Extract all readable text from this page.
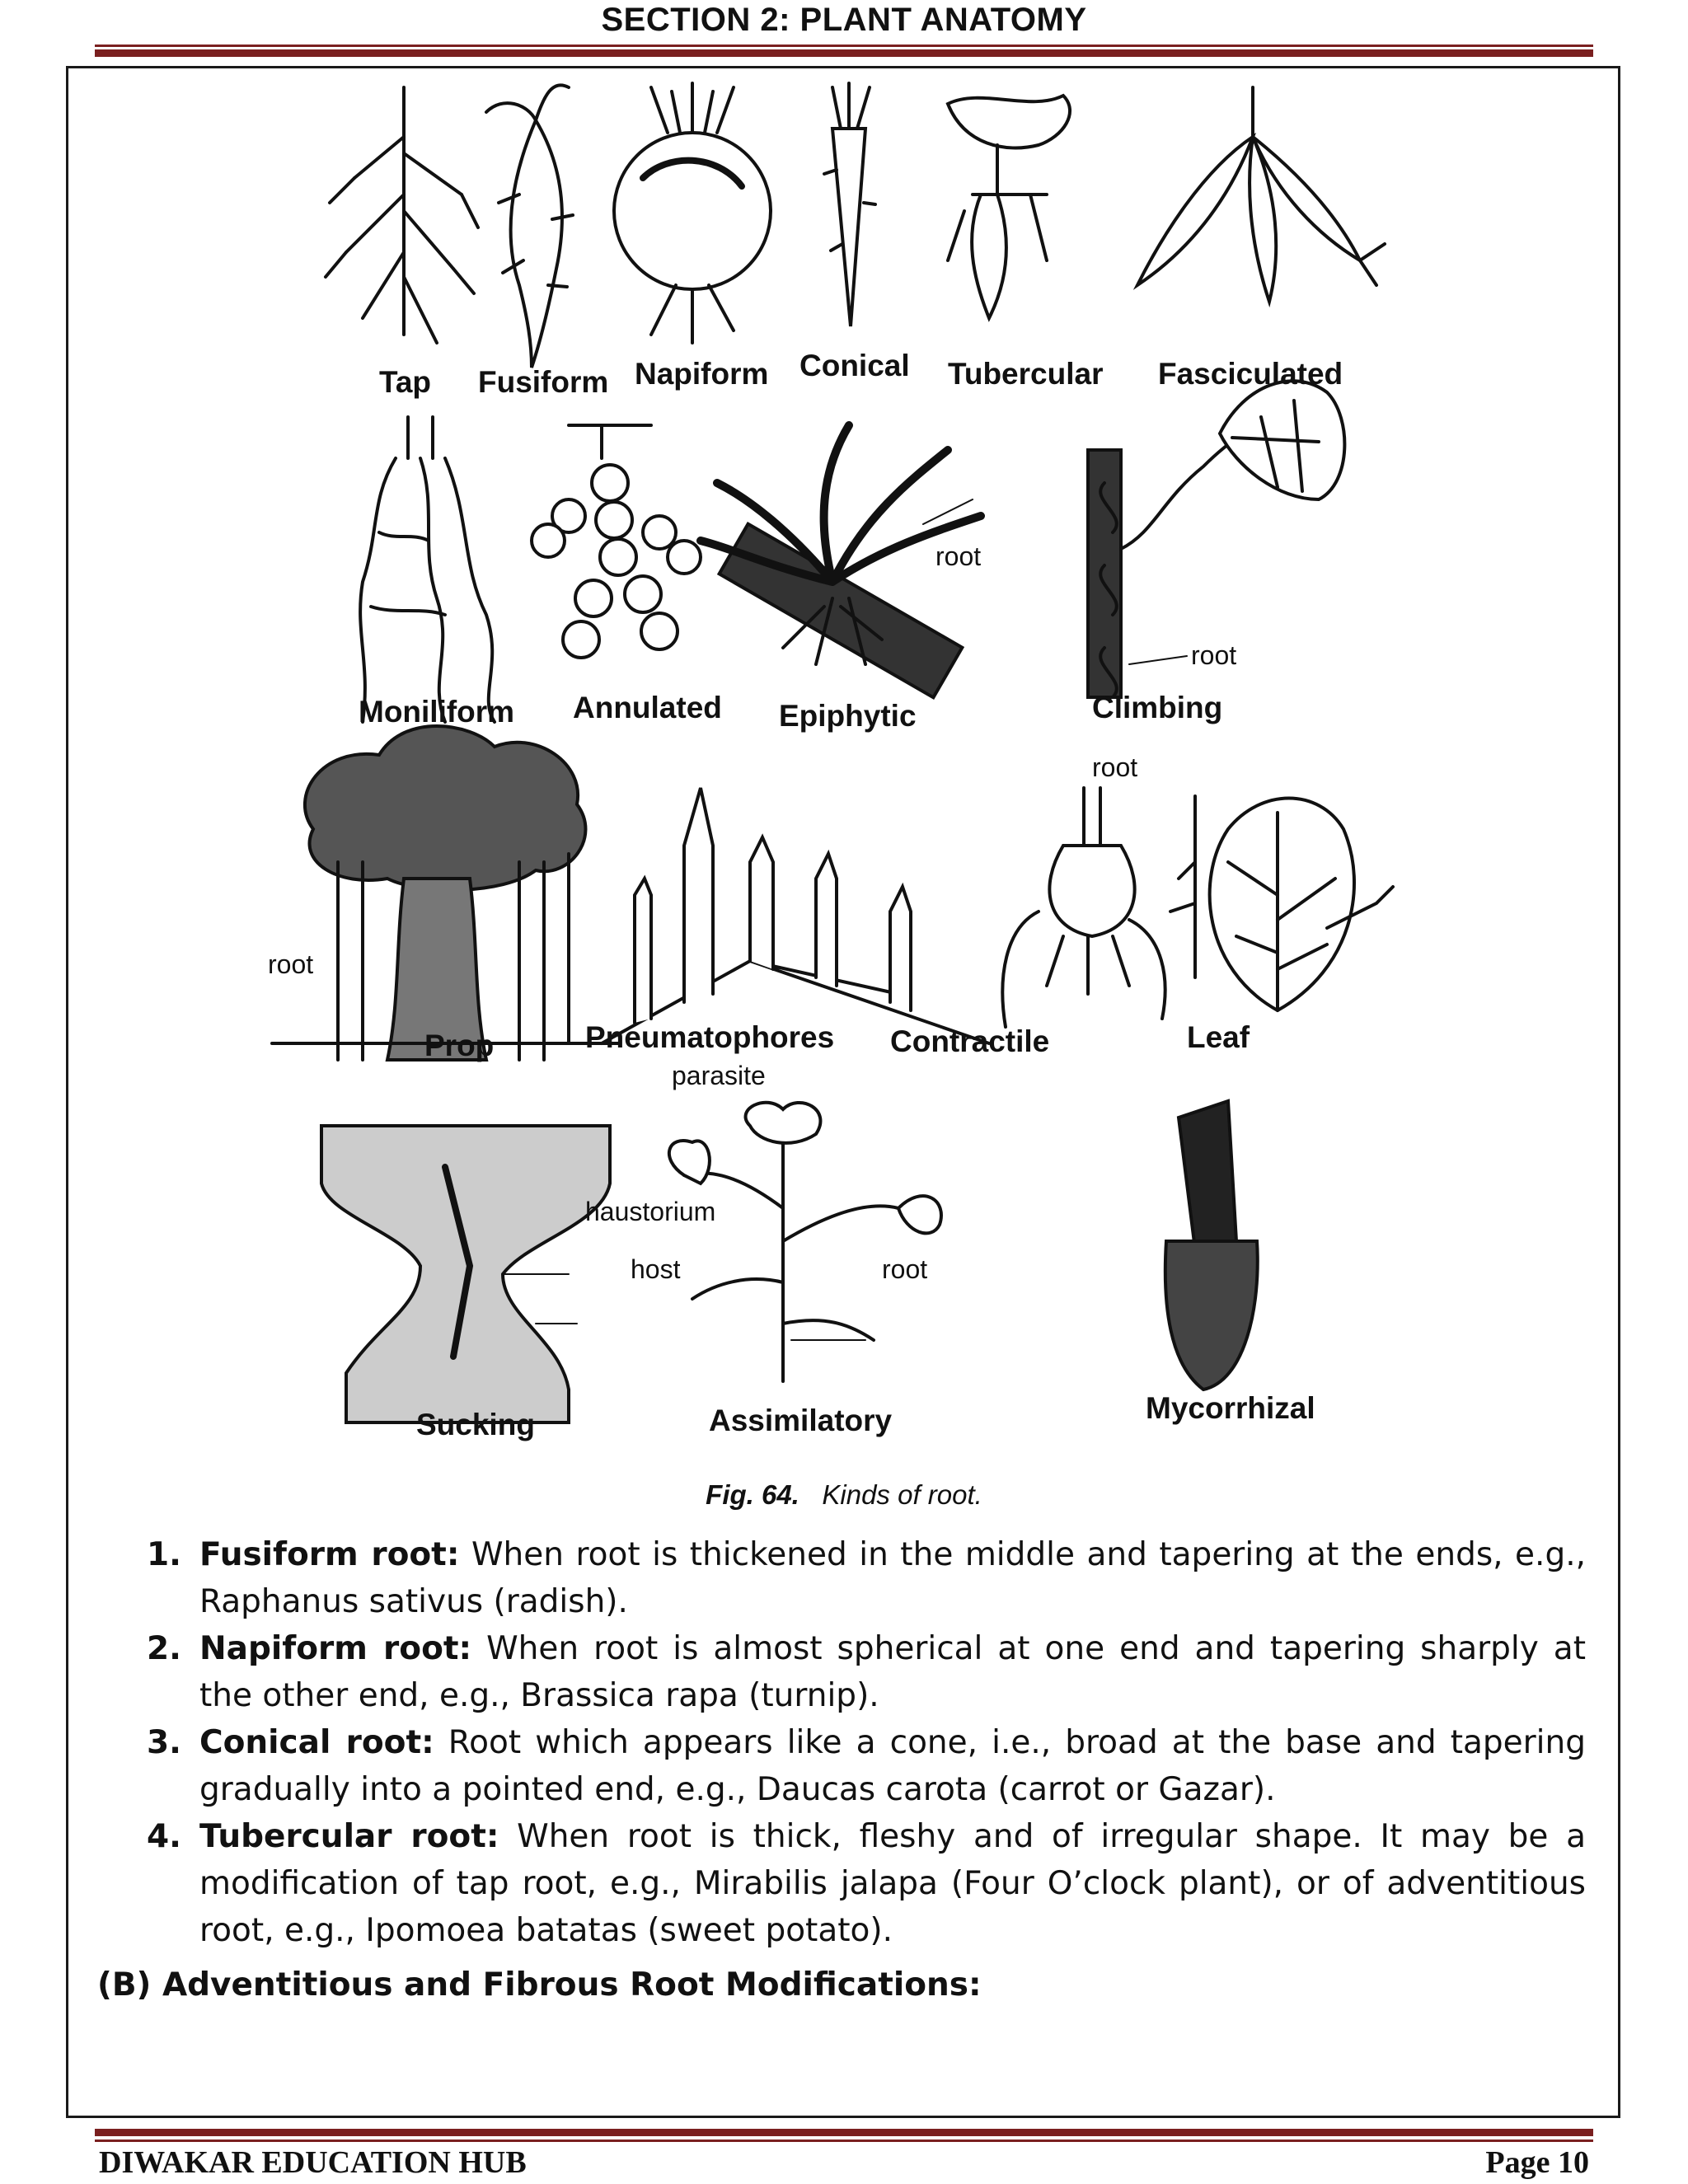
SECTION 2: PLANT ANATOMY
Tap Fusiform Napiform Conical Tubercular Fasciculated
Moniliform Annulated Epiphytic	Climbing
root
root
Prop	Pneumatophores Contractile	Leaf
root
root
Sucking	Assimilatory	Mycorrhizal
parasite
haustorium
host	root
Fig. 64. Kinds of root.
1. Fusiform root: When root is thickened in the middle and tapering at the ends, e.g., Raphanus sativus (radish).
2. Napiform root: When root is almost spherical at one end and tapering sharply at the other end, e.g., Brassica rapa (turnip).
3. Conical root: Root which appears like a cone, i.e., broad at the base and tapering gradually into a pointed end, e.g., Daucas carota (carrot or Gazar).
4. Tubercular root: When root is thick, fleshy and of irregular shape. It may be a modification of tap root, e.g., Mirabilis jalapa (Four O’clock plant), or of adventitious root, e.g., Ipomoea batatas (sweet potato).
(B) Adventitious and Fibrous Root Modifications:
DIWAKAR EDUCATION HUB	Page 10
